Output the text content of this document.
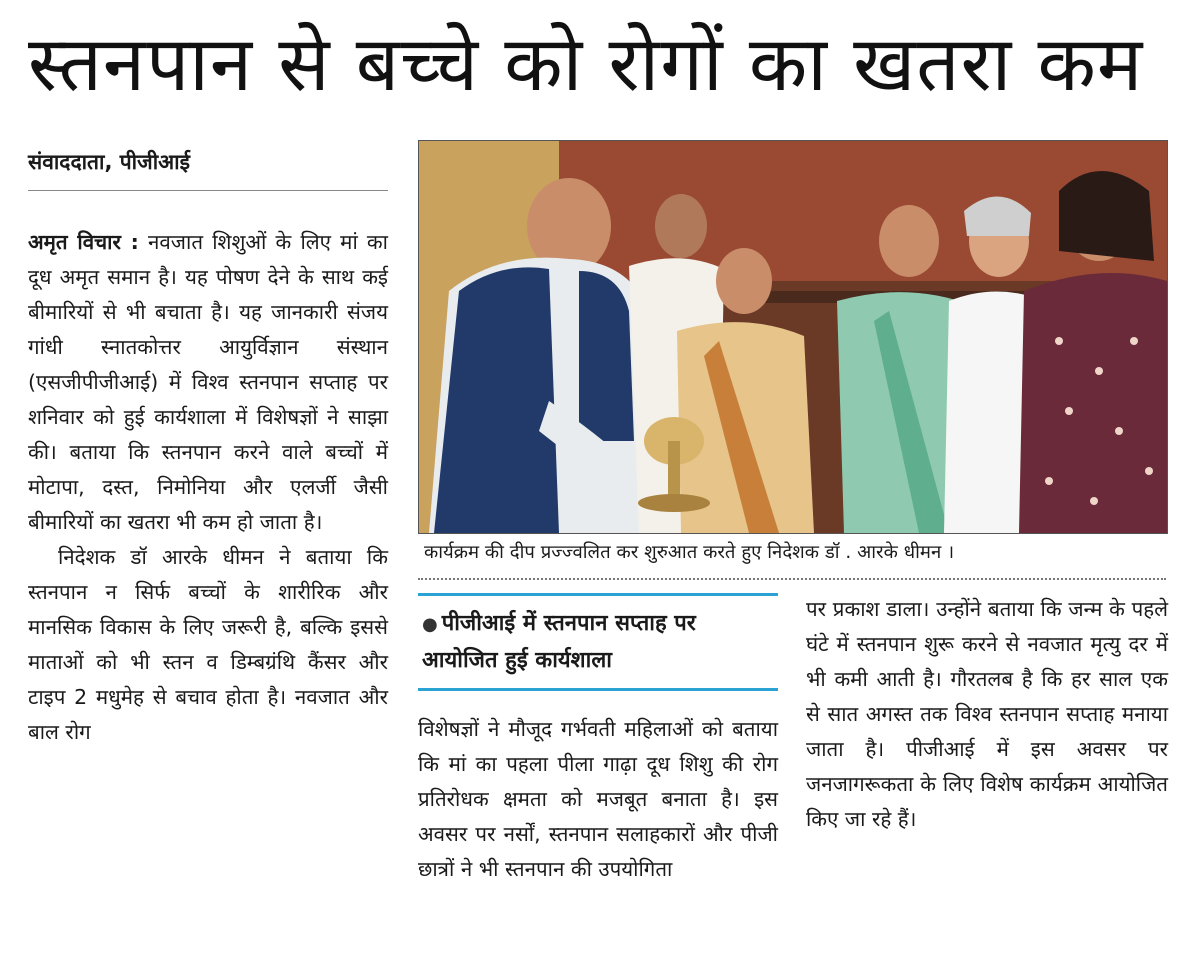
स्तनपान से बच्चे को रोगों का खतरा कम
संवाददाता, पीजीआई

अमृत विचार : नवजात शिशुओं के लिए मां का दूध अमृत समान है। यह पोषण देने के साथ कई बीमारियों से भी बचाता है। यह जानकारी संजय गांधी स्नातकोत्तर आयुर्विज्ञान संस्थान (एसजीपीजीआई) में विश्व स्तनपान सप्ताह पर शनिवार को हुई कार्यशाला में विशेषज्ञों ने साझा की। बताया कि स्तनपान करने वाले बच्चों में मोटापा, दस्त, निमोनिया और एलर्जी जैसी बीमारियों का खतरा भी कम हो जाता है।

निदेशक डॉ आरके धीमन ने बताया कि स्तनपान न सिर्फ बच्चों के शारीरिक और मानसिक विकास के लिए जरूरी है, बल्कि इससे माताओं को भी स्तन व डिम्बग्रंथि कैंसर और टाइप 2 मधुमेह से बचाव होता है। नवजात और बाल रोग

कार्यक्रम की दीप प्रज्ज्वलित कर शुरुआत करते हुए निदेशक डॉ . आरके धीमन ।
● पीजीआई में स्तनपान सप्ताह पर आयोजित हुई कार्यशाला

विशेषज्ञों ने मौजूद गर्भवती महिलाओं को बताया कि मां का पहला पीला गाढ़ा दूध शिशु की रोग प्रतिरोधक क्षमता को मजबूत बनाता है। इस अवसर पर नर्सों, स्तनपान सलाहकारों और पीजी छात्रों ने भी स्तनपान की उपयोगिता

पर प्रकाश डाला। उन्होंने बताया कि जन्म के पहले घंटे में स्तनपान शुरू करने से नवजात मृत्यु दर में भी कमी आती है। गौरतलब है कि हर साल एक से सात अगस्त तक विश्व स्तनपान सप्ताह मनाया जाता है। पीजीआई में इस अवसर पर जनजागरूकता के लिए विशेष कार्यक्रम आयोजित किए जा रहे हैं।
